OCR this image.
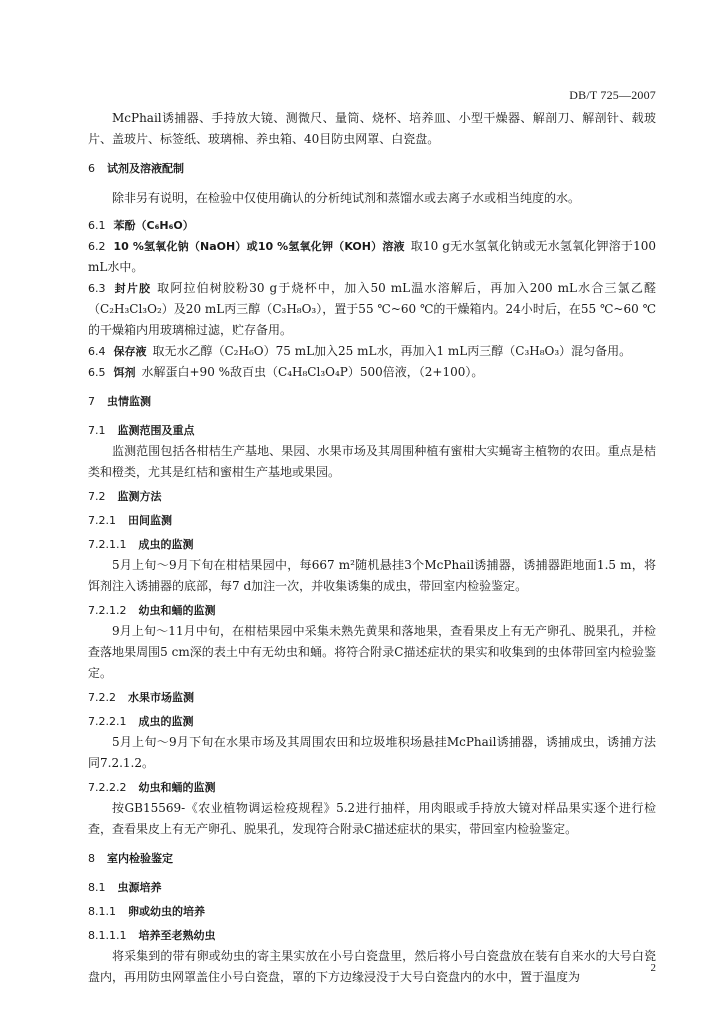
DB/T 725—2007

McPhail诱捕器、手持放大镜、测微尺、量筒、烧杯、培养皿、小型干燥器、解剖刀、解剖针、载玻片、盖玻片、标签纸、玻璃棉、养虫箱、40目防虫网罩、白瓷盘。

6 试剂及溶液配制

除非另有说明，在检验中仅使用确认的分析纯试剂和蒸馏水或去离子水或相当纯度的水。

6.1 苯酚（C₆H₆O）

6.2 10 %氢氧化钠（NaOH）或10 %氢氧化钾（KOH）溶液 取10 g无水氢氧化钠或无水氢氧化钾溶于100 mL水中。

6.3 封片胶 取阿拉伯树胶粉30 g于烧杯中，加入50 mL温水溶解后，再加入200 mL水合三氯乙醛（C₂H₃Cl₃O₂）及20 mL丙三醇（C₃H₈O₃），置于55 ℃~60 ℃的干燥箱内。24小时后，在55 ℃~60 ℃的干燥箱内用玻璃棉过滤，贮存备用。

6.4 保存液 取无水乙醇（C₂H₆O）75 mL加入25 mL水，再加入1 mL丙三醇（C₃H₈O₃）混匀备用。

6.5 饵剂 水解蛋白+90 %敌百虫（C₄H₈Cl₃O₄P）500倍液，（2+100）。

7 虫情监测
7.1 监测范围及重点

监测范围包括各柑桔生产基地、果园、水果市场及其周围种植有蜜柑大实蝇寄主植物的农田。重点是桔类和橙类，尤其是红桔和蜜柑生产基地或果园。

7.2 监测方法
7.2.1 田间监测
7.2.1.1 成虫的监测

5月上旬～9月下旬在柑桔果园中，每667 m²随机悬挂3个McPhail诱捕器，诱捕器距地面1.5 m，将饵剂注入诱捕器的底部，每7 d加注一次，并收集诱集的成虫，带回室内检验鉴定。

7.2.1.2 幼虫和蛹的监测

9月上旬～11月中旬，在柑桔果园中采集未熟先黄果和落地果，查看果皮上有无产卵孔、脱果孔，并检查落地果周围5 cm深的表土中有无幼虫和蛹。将符合附录C描述症状的果实和收集到的虫体带回室内检验鉴定。

7.2.2 水果市场监测
7.2.2.1 成虫的监测

5月上旬～9月下旬在水果市场及其周围农田和垃圾堆积场悬挂McPhail诱捕器，诱捕成虫，诱捕方法同7.2.1.2。

7.2.2.2 幼虫和蛹的监测

按GB15569-《农业植物调运检疫规程》5.2进行抽样，用肉眼或手持放大镜对样品果实逐个进行检查，查看果皮上有无产卵孔、脱果孔，发现符合附录C描述症状的果实，带回室内检验鉴定。

8 室内检验鉴定
8.1 虫源培养
8.1.1 卵或幼虫的培养
8.1.1.1 培养至老熟幼虫

将采集到的带有卵或幼虫的寄主果实放在小号白瓷盘里，然后将小号白瓷盘放在装有自来水的大号白瓷盘内，再用防虫网罩盖住小号白瓷盘，罩的下方边缘浸没于大号白瓷盘内的水中，置于温度为

2
